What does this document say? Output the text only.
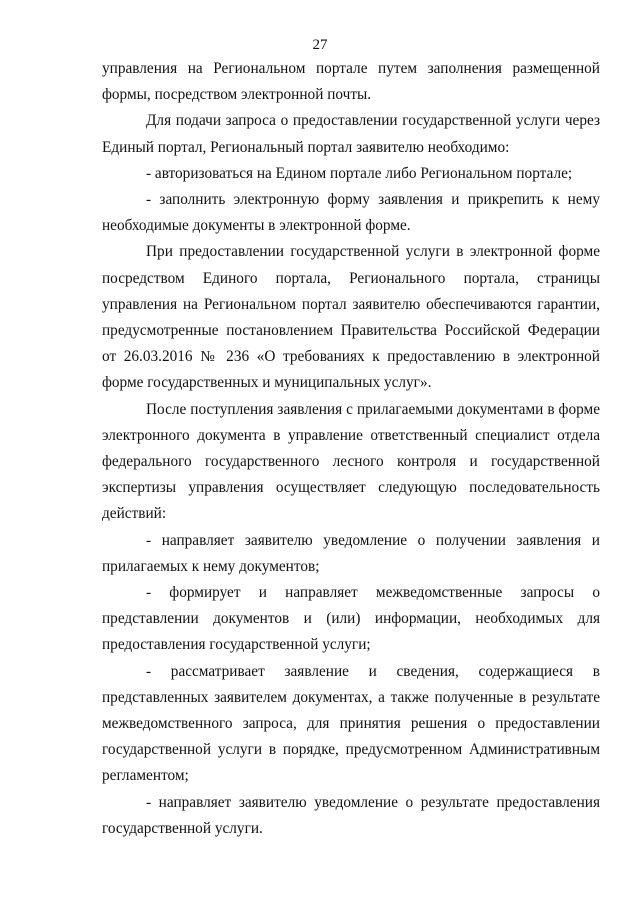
27

управления на Региональном портале путем заполнения размещенной формы, посредством электронной почты.

Для подачи запроса о предоставлении государственной услуги через Единый портал, Региональный портал заявителю необходимо:

- авторизоваться на Едином портале либо Региональном портале;

- заполнить электронную форму заявления и прикрепить к нему необходимые документы в электронной форме.

При предоставлении государственной услуги в электронной форме посредством Единого портала, Регионального портала, страницы управления на Региональном портал заявителю обеспечиваются гарантии, предусмотренные постановлением Правительства Российской Федерации от 26.03.2016 № 236 «О требованиях к предоставлению в электронной форме государственных и муниципальных услуг».

После поступления заявления с прилагаемыми документами в форме электронного документа в управление ответственный специалист отдела федерального государственного лесного контроля и государственной экспертизы управления осуществляет следующую последовательность действий:

- направляет заявителю уведомление о получении заявления и прилагаемых к нему документов;

- формирует и направляет межведомственные запросы о представлении документов и (или) информации, необходимых для предоставления государственной услуги;

- рассматривает заявление и сведения, содержащиеся в представленных заявителем документах, а также полученные в результате межведомственного запроса, для принятия решения о предоставлении государственной услуги в порядке, предусмотренном Административным регламентом;

- направляет заявителю уведомление о результате предоставления государственной услуги.
